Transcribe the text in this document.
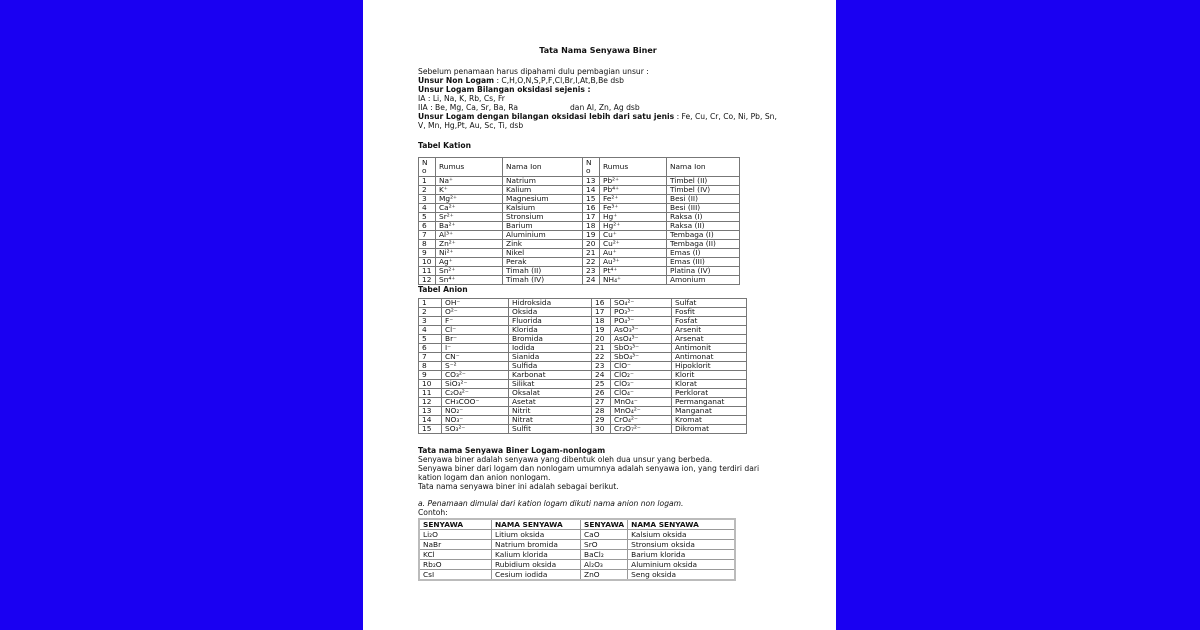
Tata Nama Senyawa Biner

Sebelum penamaan harus dipahami dulu pembagian unsur :

Unsur Non Logam : C,H,O,N,S,P,F,Cl,Br,I,At,B,Be dsb

Unsur Logam Bilangan oksidasi sejenis :

IA : Li, Na, K, Rb, Cs, Fr

IIA : Be, Mg, Ca, Sr, Ba, Ra	dan Al, Zn, Ag dsb

Unsur Logam dengan bilangan oksidasi lebih dari satu jenis : Fe, Cu, Cr, Co, Ni, Pb, Sn, V, Mn, Hg,Pt, Au, Sc, Ti, dsb

Tabel Kation

N o	Rumus	Nama Ion	N o	Rumus	Nama Ion
1	Na⁺	Natrium	13	Pb²⁺	Timbel (II)
2	K⁺	Kalium	14	Pb⁴⁺	Timbel (IV)
3	Mg²⁺	Magnesium	15	Fe²⁺	Besi (II)
4	Ca²⁺	Kalsium	16	Fe³⁺	Besi (III)
5	Sr²⁺	Stronsium	17	Hg⁺	Raksa (I)
6	Ba²⁺	Barium	18	Hg²⁺	Raksa (II)
7	Al³⁺	Aluminium	19	Cu⁺	Tembaga (I)
8	Zn²⁺	Zink	20	Cu²⁺	Tembaga (II)
9	Ni²⁺	Nikel	21	Au⁺	Emas (I)
10	Ag⁺	Perak	22	Au³⁺	Emas (III)
11	Sn²⁺	Timah (II)	23	Pt⁴⁺	Platina (IV)
12	Sn⁴⁺	Timah (IV)	24	NH₄⁺	Amonium

Tabel Anion

1	OH⁻	Hidroksida	16	SO₄²⁻	Sulfat
2	O²⁻	Oksida	17	PO₃³⁻	Fosfit
3	F⁻	Fluorida	18	PO₄³⁻	Fosfat
4	Cl⁻	Klorida	19	AsO₃³⁻	Arsenit
5	Br⁻	Bromida	20	AsO₄³⁻	Arsenat
6	I⁻	Iodida	21	SbO₃³⁻	Antimonit
7	CN⁻	Sianida	22	SbO₄³⁻	Antimonat
8	S⁻²	Sulfida	23	ClO⁻	Hipoklorit
9	CO₃²⁻	Karbonat	24	ClO₂⁻	Klorit
10	SiO₃²⁻	Silikat	25	ClO₃⁻	Klorat
11	C₂O₄²⁻	Oksalat	26	ClO₄⁻	Perklorat
12	CH₃COO⁻	Asetat	27	MnO₄⁻	Permanganat
13	NO₂⁻	Nitrit	28	MnO₄²⁻	Manganat
14	NO₃⁻	Nitrat	29	CrO₄²⁻	Kromat
15	SO₃²⁻	Sulfit	30	Cr₂O₇²⁻	Dikromat

Tata nama Senyawa Biner Logam-nonlogam

Senyawa biner adalah senyawa yang dibentuk oleh dua unsur yang berbeda.

Senyawa biner dari logam dan nonlogam umumnya adalah senyawa ion, yang terdiri dari kation logam dan anion nonlogam.

Tata nama senyawa biner ini adalah sebagai berikut.

a. Penamaan dimulai dari kation logam dikuti nama anion non logam.

Contoh:

SENYAWA	NAMA SENYAWA	SENYAWA	NAMA SENYAWA
Li₂O	Litium oksida	CaO	Kalsium oksida
NaBr	Natrium bromida	SrO	Stronsium oksida
KCl	Kalium klorida	BaCl₂	Barium klorida
Rb₂O	Rubidium oksida	Al₂O₃	Aluminium oksida
CsI	Cesium iodida	ZnO	Seng oksida
